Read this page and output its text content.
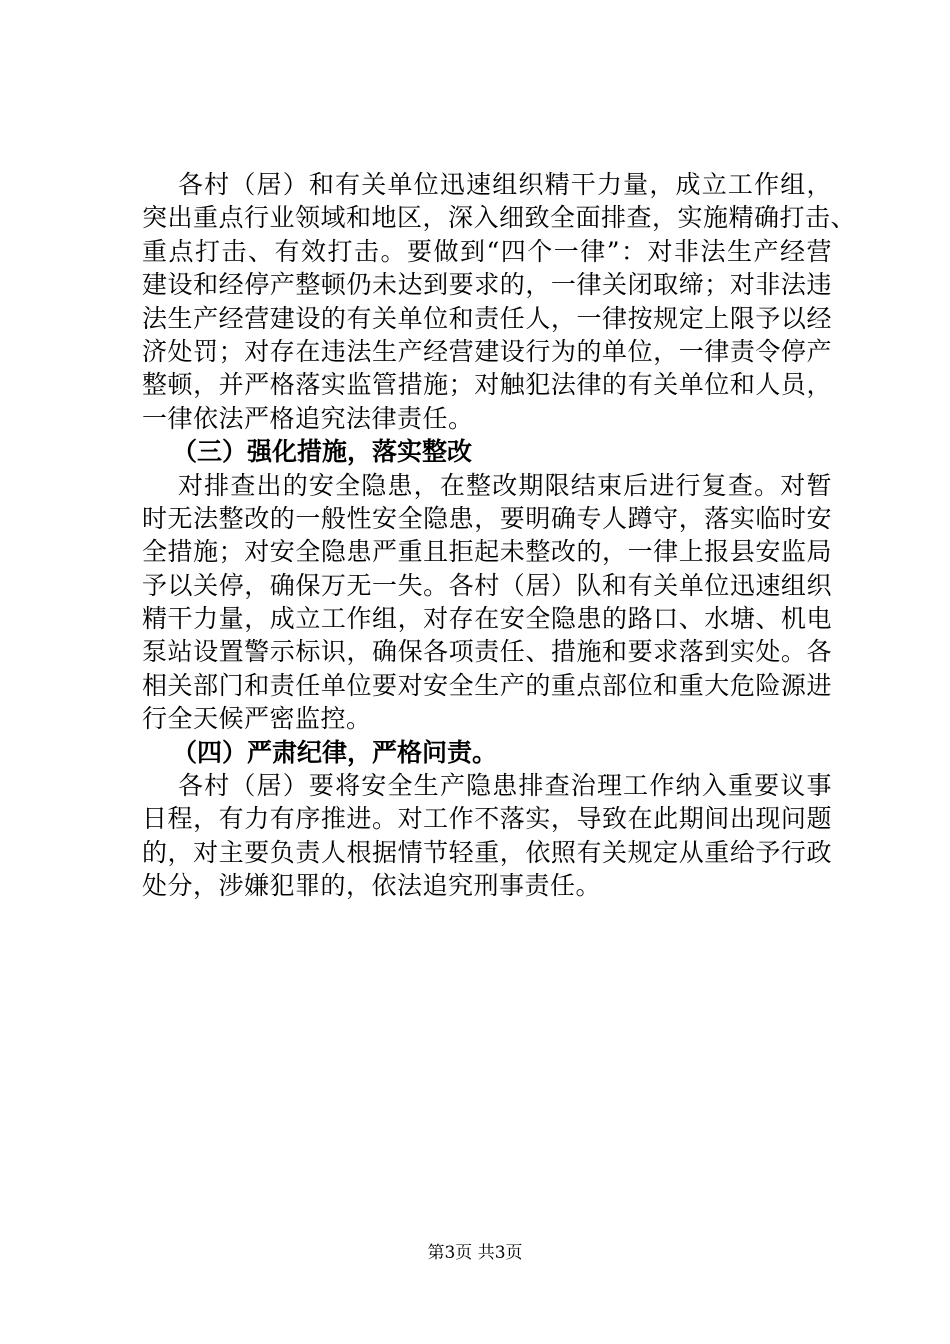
各村（居）和有关单位迅速组织精干力量，成立工作组，
突出重点行业领域和地区，深入细致全面排查，实施精确打击、
重点打击、有效打击。要做到“四个一律”：对非法生产经营
建设和经停产整顿仍未达到要求的，一律关闭取缔；对非法违
法生产经营建设的有关单位和责任人，一律按规定上限予以经
济处罚；对存在违法生产经营建设行为的单位，一律责令停产
整顿，并严格落实监管措施；对触犯法律的有关单位和人员，
一律依法严格追究法律责任。
（三）强化措施，落实整改
对排查出的安全隐患，在整改期限结束后进行复查。对暂
时无法整改的一般性安全隐患，要明确专人蹲守，落实临时安
全措施；对安全隐患严重且拒起未整改的，一律上报县安监局
予以关停，确保万无一失。各村（居）队和有关单位迅速组织
精干力量，成立工作组，对存在安全隐患的路口、水塘、机电
泵站设置警示标识，确保各项责任、措施和要求落到实处。各
相关部门和责任单位要对安全生产的重点部位和重大危险源进
行全天候严密监控。
（四）严肃纪律，严格问责。
各村（居）要将安全生产隐患排查治理工作纳入重要议事
日程，有力有序推进。对工作不落实，导致在此期间出现问题
的，对主要负责人根据情节轻重，依照有关规定从重给予行政
处分，涉嫌犯罪的，依法追究刑事责任。
第3页 共3页
